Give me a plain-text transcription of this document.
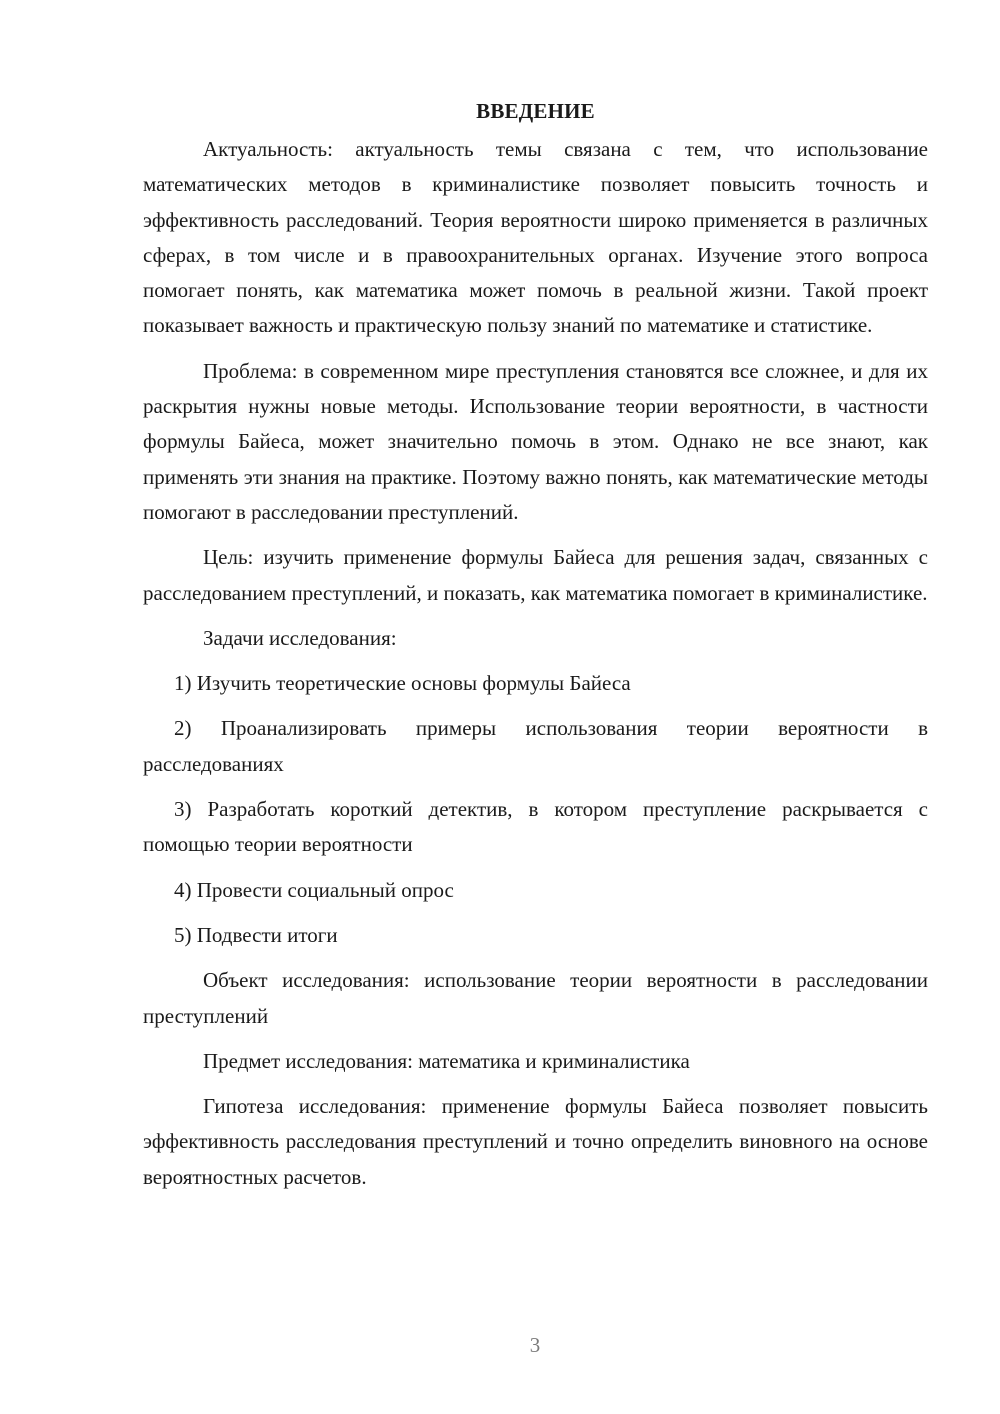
ВВЕДЕНИЕ

Актуальность: актуальность темы связана с тем, что использование математических методов в криминалистике позволяет повысить точность и эффективность расследований. Теория вероятности широко применяется в различных сферах, в том числе и в правоохранительных органах. Изучение этого вопроса помогает понять, как математика может помочь в реальной жизни. Такой проект показывает важность и практическую пользу знаний по математике и статистике.

Проблема: в современном мире преступления становятся все сложнее, и для их раскрытия нужны новые методы. Использование теории вероятности, в частности формулы Байеса, может значительно помочь в этом. Однако не все знают, как применять эти знания на практике. Поэтому важно понять, как математические методы помогают в расследовании преступлений.

Цель: изучить применение формулы Байеса для решения задач, связанных с расследованием преступлений, и показать, как математика помогает в криминалистике.

Задачи исследования:

1) Изучить теоретические основы формулы Байеса

2) Проанализировать примеры использования теории вероятности в расследованиях

3) Разработать короткий детектив, в котором преступление раскрывается с помощью теории вероятности

4) Провести социальный опрос

5) Подвести итоги

Объект исследования: использование теории вероятности в расследовании преступлений

Предмет исследования: математика и криминалистика

Гипотеза исследования: применение формулы Байеса позволяет повысить эффективность расследования преступлений и точно определить виновного на основе вероятностных расчетов.

3
